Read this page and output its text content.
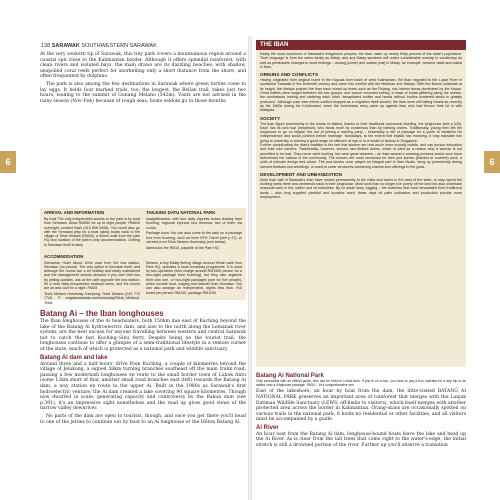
138 SARAWAK SOUTHWESTERN SARAWAK
6

At the very western tip of Sarawak, this tiny park covers a mountainous region around a coastal spit close to the Kalimantan border. Although it offers splendid rainforest, with clean rivers and isolated bays, the main draws are its dazzling beaches, with shallow, unspoiled coral reefs perfect for snorkelling only a short distance from the shore, and often frequented by dolphins.

The park is also among the few destinations in Sarawak where green turtles come to lay eggs. It holds four marked trails, too; the longest, the Belian trail, takes just two hours, leading to the summit of Gunung Melano (542m). Visits are not advised in the rainy season (Nov–Feb) because of rough seas; boats seldom go in those months.

ARRIVAL AND INFORMATION	TANJUNG DATU NATIONAL PARK

By boat The only independent access to the park is by boat from Sematan. Allow RM550 for up to eight people, RM640 overnight; contact Nazli (013 808 9406). You could also go with the Sematan jetty for a boat taking locals back to the village of Telok Melano (RM40), a 90min walk from the park HQ and location of the park's only accommodation. Getting to Sematan itself is fairly

straightforward, with four daily express buses leaving from Kuching; regional express bus terminal, two of them via Lundu.

Package tours You can also come to the park on a package tour from Kuching, such as from CPH Travel (see p.37), or via bets from Telok Melano Homestay (see below).

Admission fee RM10, payable at the Park HQ.

ACCOMMODATION

Semantan Hotel About 100m east from the bus station, Sematan (no phone). The only option in Sematan itself, and although the rooms are a bit shabby and badly maintained and the management sounds amazed if you can't find two by yelling upstairs, ask at the café opposite the bus station; it's a near tasty inexpensive seafood menu, and the rooms are ok and cool for a night. RM25

Telok Melano Homestay Kampung Telok Melano (013 773 7749, © engtatcwtaiwak.com/homestay/Telok_Melano). Telok

Melano, a tiny Malay fishing village around 90min walk from Park HQ, operates a local homestay programme. It is used by two operators (who charge around RM1500 person for a two-night package from Kuching), but they also organize their own one- or two-night packages (one for five people), which include food, lodging and transfer from Sematan. You can also arrange an independent, nights less than. Full board per person RM100, package RM1150

Batang Ai – the Iban longhouses

The Iban longhouses of the Ai headwaters, both 150km due east of Kuching beyond the lake of the Batang Ai hydroelectric dam, and also to the north along the Lemanak river system, are the best excuse for anyone travelling between western and central Sarawak not to catch the fast Kuching–Sibu ferry. Despite being on the tourist trail, the longhouses continue to offer a glimpse of a semi-traditional lifestyle in a remote corner of the state, much of which is protected as a national park and wildlife sanctuary.

Batang Ai dam and lake

Around three and a half hours' drive from Kuching, a couple of kilometres beyond the village of Jelukong, a signed 58km turning branches southeast off the main trunk road, passing a few modernish longhouses en route to the small border town of Lubok Antu (some 12km short of that, another small road branches east (left) towards the Batang Ai dam, a way station en route to the upper Ai. Built in the 1980s as Sarawak's first hydroelectric venture, the Ai dam created a lake covering 90 square kilometres. Though now dwarfed in scale, generating capacity and controversy by the Bakun dam (see p.391), it's an impressive sight nonetheless and the road up gives good views of the narrow valley downriver.

No parts of the dam are open to tourists, though, and once you get there you'll head to one of the jetties to continue out by boat to an Ai longhouse or the Hilton Batang Ai.

6
THE IBAN

Easily the most numerous of Sarawak's indigenous peoples, the Iban make up nearly thirty percent of the state's population. Their language is from the same family as Malay, and any Malay speakers will notice considerable overlap in vocabulary as well as predictable changes in word endings – dulang (come) and makan (eat) in Malay, for example, become datai and makai in Iban.

ORIGINS AND CONFLICTS

Having originated from original home in the Kapuas river basin of west Kalimantan, the Iban migrated to the Lupar River in southwest Sarawak in the sixteenth century and came into conflict with the Melanau and Malays. With the Brunei sultanate at its height, the Malays pushed the Iban back inland up rivers such as the Rejang, into interior areas dominated by the Kayan. Great battles were waged between the two groups; one source recorded seeing 'a mass of boats glittering along the stream, the combatants tearing and stabbing each other, decapitated bodies and heads without bodies scattered about in ghastly profusion'. Although such inter-ethnic conflict stopped as a migration itself slowed, the Iban were still taking heads as recently as the 1960s during the Konfrontasi, when the Indonesian army came up against Iban who had thrown their lot in with Malaysia.

SOCIETY

The Iban figure prominently in the minds of visitors, thanks to their traditional communal dwelling, the longhouse (see p.343). Each has its own tuai (headman), who leads more by consensus than by barking orders. Traditionally, young men left the longhouse to go on bejalai, the act of joining a warring party – essentially a rite of passage for a youth to establish his independence and social position before marriage. Nowadays, to the extent that bejalai has meaning, it may translate into going to university or earning a good wage on offshore oil rigs or in a hostel or factory in Singapore.
Further complicating the Iban's tradition is the fact that women are now much more socially mobile, and can pursue education and their own careers. Traditionally, however, women had distinct duties, which is cited as a reason why a woman is not permitted to be tuai. They never went hunting, but were great weavers – an Iban woman's weaving prowess would once have determined her stature in the community. The women are most renowned for their pua kumbu (blanket or coverlet) work, a cloth of intricate design and colour. The pua kumbu once played an integral part in Iban rituals, hung up prominently during harvest festivals and weddings, or used to cover structures containing charms and offerings to the gods.

DEVELOPMENT AND URBANIZATION

More than half of Sarawak's Iban have moved permanently to the cities and towns in the west of the state, or may spend the working week there and weekends back in their longhouse. Most rural Iban no longer live purely off the land but also undertake seasonal work in the rubber and oil industries. By no small irony, logging – the business that most devastated their traditional lands – also long supplied plentiful and lucrative work; these days oil palm cultivation and production provide more employment.

Batang Ai National Park

Only accessible with an official guide, who can be hired in Lubok Antu. If you're on a tour, you have to pay a tour operator for a day trip to be added onto a longhouse package. RM10 – fit a comprehensive one.

East of the lakeshore, an hour by boat from the dam, the little-visited BATANG AI NATIONAL PARK preserves an important area of rainforest that merges with the Lanjak Entimau Wildlife Sanctuary (LEWS; off-limits to visitors), which itself merges with another protected area across the border in Kalimantan. Orang-utans are occasionally spotted on various trails in the national park; it holds no residential or other facilities, and all visitors must be accompanied by a guide.

Ai River

An hour east from the Batang Ai dam, longhouse-bound boats leave the lake and head up the Ai River. As is clear from the tall trees that come right to the water's-edge, the initial stretch is still a drowned portion of the river. Further up you'll observe a transition
